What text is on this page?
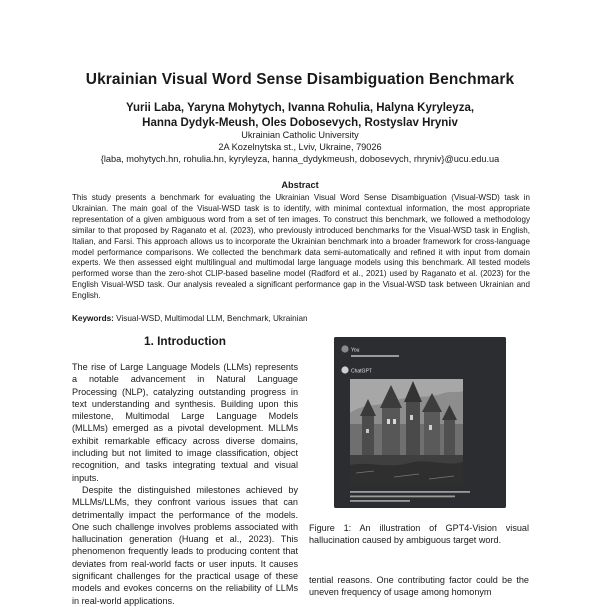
Ukrainian Visual Word Sense Disambiguation Benchmark
Yurii Laba, Yaryna Mohytych, Ivanna Rohulia, Halyna Kyryleyza,
Hanna Dydyk-Meush, Oles Dobosevych, Rostyslav Hryniv
Ukrainian Catholic University
2A Kozelnytska st., Lviv, Ukraine, 79026
{laba, mohytych.hn, rohulia.hn, kyryleyza, hanna_dydykmeush, dobosevych, rhryniv}@ucu.edu.ua
Abstract
This study presents a benchmark for evaluating the Ukrainian Visual Word Sense Disambiguation (Visual-WSD) task in Ukrainian. The main goal of the Visual-WSD task is to identify, with minimal contextual information, the most appropriate representation of a given ambiguous word from a set of ten images. To construct this benchmark, we followed a methodology similar to that proposed by Raganato et al. (2023), who previously introduced benchmarks for the Visual-WSD task in English, Italian, and Farsi. This approach allows us to incorporate the Ukrainian benchmark into a broader framework for cross-language model performance comparisons. We collected the benchmark data semi-automatically and refined it with input from domain experts. We then assessed eight multilingual and multimodal large language models using this benchmark. All tested models performed worse than the zero-shot CLIP-based baseline model (Radford et al., 2021) used by Raganato et al. (2023) for the English Visual-WSD task. Our analysis revealed a significant performance gap in the Visual-WSD task between Ukrainian and English.
Keywords: Visual-WSD, Multimodal LLM, Benchmark, Ukrainian
1. Introduction

The rise of Large Language Models (LLMs) represents a notable advancement in Natural Language Processing (NLP), catalyzing outstanding progress in text understanding and synthesis. Building upon this milestone, Multimodal Large Language Models (MLLMs) emerged as a pivotal development. MLLMs exhibit remarkable efficacy across diverse domains, including but not limited to image classification, object recognition, and tasks integrating textual and visual inputs.

Despite the distinguished milestones achieved by MLLMs/LLMs, they confront various issues that can detrimentally impact the performance of the models. One such challenge involves problems associated with hallucination generation (Huang et al., 2023). This phenomenon frequently leads to producing content that deviates from real-world facts or user inputs. It causes significant challenges for the practical usage of these models and evokes concerns on the reliability of LLMs in real-world applications.

You
ChatGPT
Figure 1: An illustration of GPT4-Vision visual hallucination caused by ambiguous target word.
tential reasons. One contributing factor could be the uneven frequency of usage among homonym
